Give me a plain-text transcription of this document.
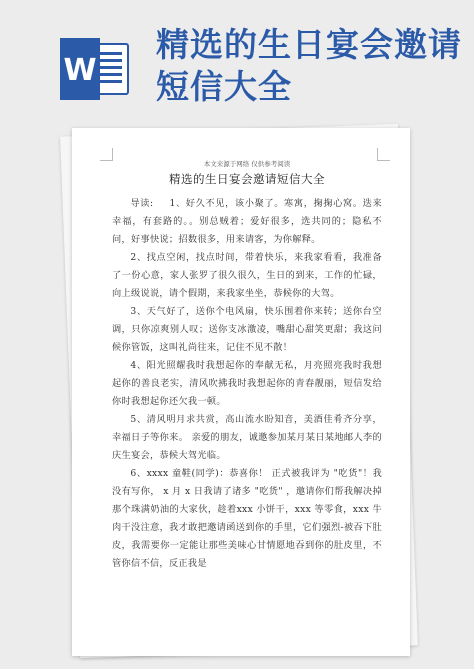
W
精选的生日宴会邀请短信大全
本文来源于网络 仅供参考阅读
精选的生日宴会邀请短信大全

导读: 1、好久不见，该小聚了。寒寓，掬掬心窝。迭来幸福，有套路的。。别总贼着；爱好很多，选共同的；隐私不问，好事快说；招数很多，用来请客，为你解释。

2、找点空闲，找点时间，带着快乐，来我家看看，我准备了一份心意，家人张罗了很久很久，生日的到来，工作的忙碌，向上级说说，请个假期，来我家坐坐，恭候你的大驾。

3、天气好了，送你个电风扇，快乐围着你来转；送你台空调，只你凉爽别人叹；送你支冰激凌，嘴甜心甜笑更甜；我这问候你管饭，这叫礼尚往来，记住不见不散！

4、阳光照耀我时我想起你的奉献无私，月亮照亮我时我想起你的善良老实，清风吹拂我时我想起你的青春靓丽，短信发给你时我想起你还欠我一顿。

5、清风明月求共赏，高山流水盼知音，美酒佳肴齐分享，幸福日子等你来。 亲爱的朋友，诚邀参加某月某日某地邮人李的庆生宴会，恭候大驾光临。

6、xxxx 童鞋(同学)：恭喜你！ 正式被我评为 "吃货"！我没有写你， x 月 x 日我请了诸多 "吃货" ，邀请你们帮我解决掉那个珠满奶油的大家伙，趁着xxx 小饼干，xxx 等零食，xxx 牛肉干没注意，我才敢把邀请函送到你的手里，它们强烈-被吞下肚皮，我需要你一定能让那些美味心甘情愿地吞到你的肚皮里，不管你信不信，反正我是
